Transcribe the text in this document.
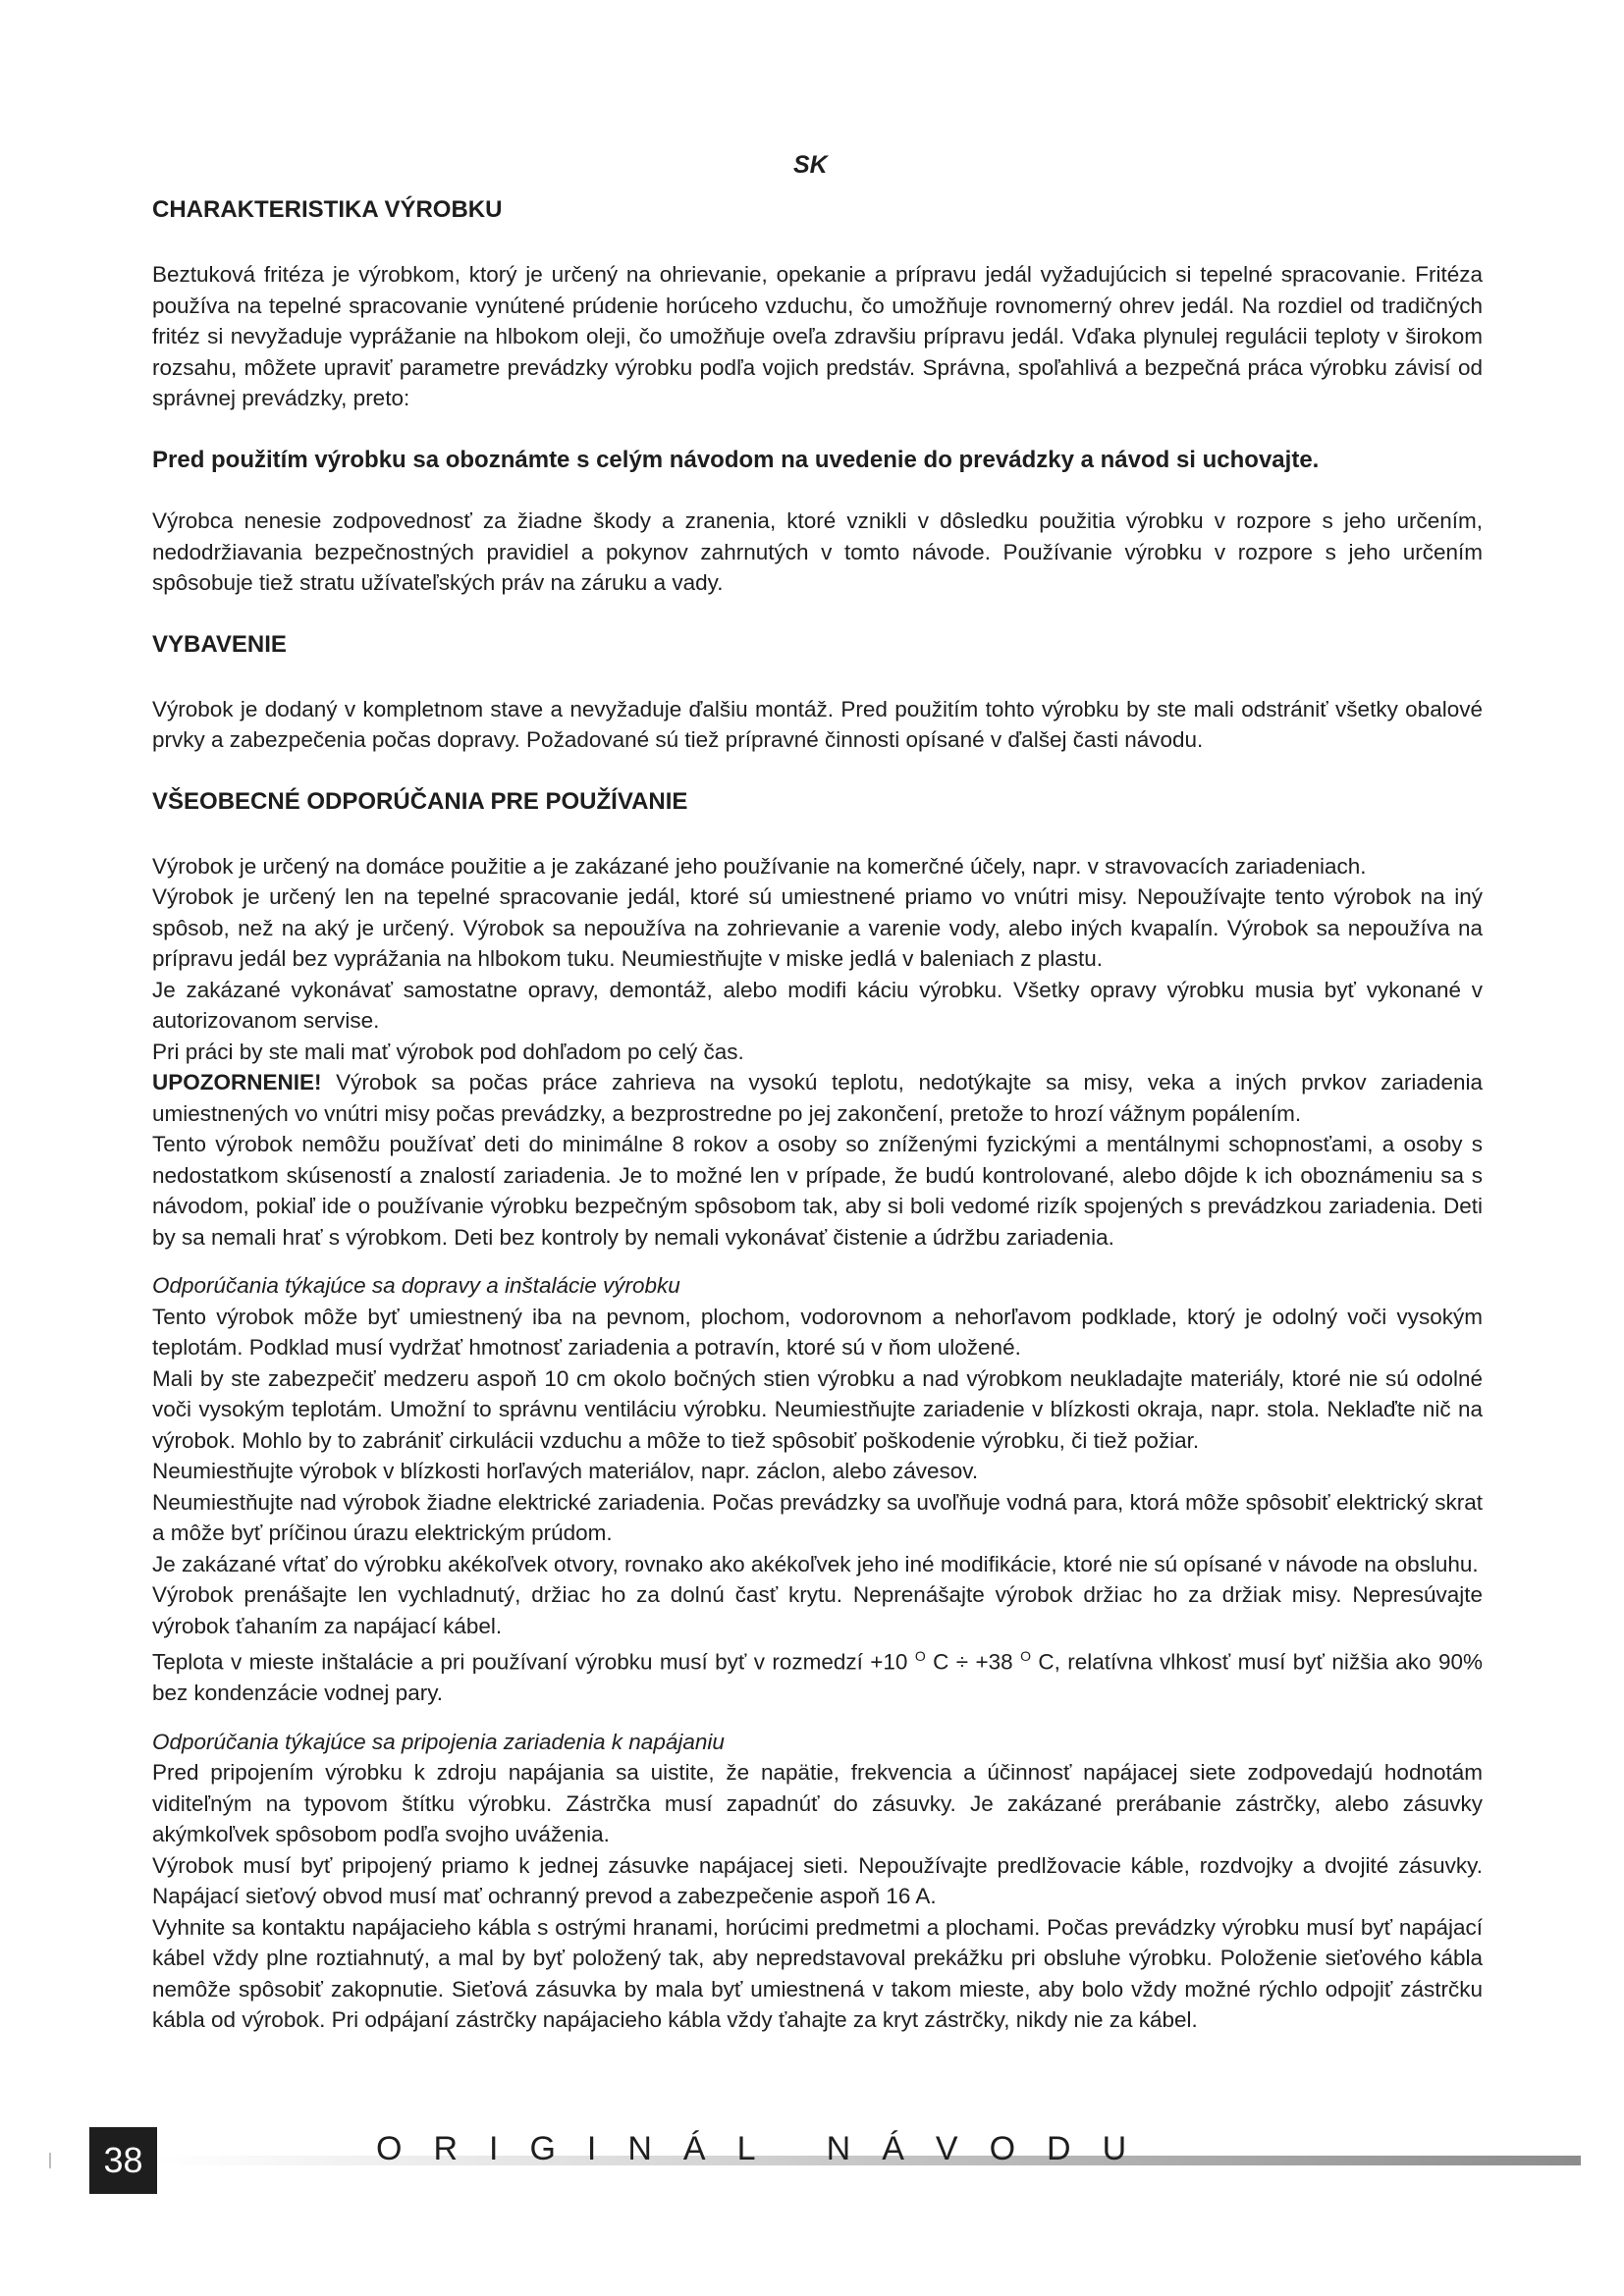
SK
CHARAKTERISTIKA VÝROBKU

Beztuková fritéza je výrobkom, ktorý je určený na ohrievanie, opekanie a prípravu jedál vyžadujúcich si tepelné spracovanie. Fritéza používa na tepelné spracovanie vynútené prúdenie horúceho vzduchu, čo umožňuje rovnomerný ohrev jedál. Na rozdiel od tradičných fritéz si nevyžaduje vyprážanie na hlbokom oleji, čo umožňuje oveľa zdravšiu prípravu jedál. Vďaka plynulej regulácii teploty v širokom rozsahu, môžete upraviť parametre prevádzky výrobku podľa vojich predstáv. Správna, spoľahlivá a bezpečná práca výrobku závisí od správnej prevádzky, preto:

Pred použitím výrobku sa oboznámte s celým návodom na uvedenie do prevádzky a návod si uchovajte.

Výrobca nenesie zodpovednosť za žiadne škody a zranenia, ktoré vznikli v dôsledku použitia výrobku v rozpore s jeho určením, nedodržiavania bezpečnostných pravidiel a pokynov zahrnutých v tomto návode. Používanie výrobku v rozpore s jeho určením spôsobuje tiež stratu užívateľských práv na záruku a vady.

VYBAVENIE

Výrobok je dodaný v kompletnom stave a nevyžaduje ďalšiu montáž. Pred použitím tohto výrobku by ste mali odstrániť všetky obalové prvky a zabezpečenia počas dopravy. Požadované sú tiež prípravné činnosti opísané v ďalšej časti návodu.

VŠEOBECNÉ ODPORÚČANIA PRE POUŽÍVANIE

Výrobok je určený na domáce použitie a je zakázané jeho používanie na komerčné účely, napr. v stravovacích zariadeniach.

Výrobok je určený len na tepelné spracovanie jedál, ktoré sú umiestnené priamo vo vnútri misy. Nepoužívajte tento výrobok na iný spôsob, než na aký je určený. Výrobok sa nepoužíva na zohrievanie a varenie vody, alebo iných kvapalín. Výrobok sa nepoužíva na prípravu jedál bez vyprážania na hlbokom tuku. Neumiestňujte v miske jedlá v baleniach z plastu.

Je zakázané vykonávať samostatne opravy, demontáž, alebo modifi káciu výrobku. Všetky opravy výrobku musia byť vykonané v autorizovanom servise.

Pri práci by ste mali mať výrobok pod dohľadom po celý čas.

UPOZORNENIE! Výrobok sa počas práce zahrieva na vysokú teplotu, nedotýkajte sa misy, veka a iných prvkov zariadenia umiestnených vo vnútri misy počas prevádzky, a bezprostredne po jej zakončení, pretože to hrozí vážnym popálením.

Tento výrobok nemôžu používať deti do minimálne 8 rokov a osoby so zníženými fyzickými a mentálnymi schopnosťami, a osoby s nedostatkom skúseností a znalostí zariadenia. Je to možné len v prípade, že budú kontrolované, alebo dôjde k ich oboznámeniu sa s návodom, pokiaľ ide o používanie výrobku bezpečným spôsobom tak, aby si boli vedomé rizík spojených s prevádzkou zariadenia. Deti by sa nemali hrať s výrobkom. Deti bez kontroly by nemali vykonávať čistenie a údržbu zariadenia.

Odporúčania týkajúce sa dopravy a inštalácie výrobku

Tento výrobok môže byť umiestnený iba na pevnom, plochom, vodorovnom a nehorľavom podklade, ktorý je odolný voči vysokým teplotám. Podklad musí vydržať hmotnosť zariadenia a potravín, ktoré sú v ňom uložené.

Mali by ste zabezpečiť medzeru aspoň 10 cm okolo bočných stien výrobku a nad výrobkom neukladajte materiály, ktoré nie sú odolné voči vysokým teplotám. Umožní to správnu ventiláciu výrobku. Neumiestňujte zariadenie v blízkosti okraja, napr. stola. Neklaďte nič na výrobok. Mohlo by to zabrániť cirkulácii vzduchu a môže to tiež spôsobiť poškodenie výrobku, či tiež požiar.

Neumiestňujte výrobok v blízkosti horľavých materiálov, napr. záclon, alebo závesov.

Neumiestňujte nad výrobok žiadne elektrické zariadenia. Počas prevádzky sa uvoľňuje vodná para, ktorá môže spôsobiť elektrický skrat a môže byť príčinou úrazu elektrickým prúdom.

Je zakázané vŕtať do výrobku akékoľvek otvory, rovnako ako akékoľvek jeho iné modifikácie, ktoré nie sú opísané v návode na obsluhu.

Výrobok prenášajte len vychladnutý, držiac ho za dolnú časť krytu. Neprenášajte výrobok držiac ho za držiak misy. Nepresúvajte výrobok ťahaním za napájací kábel.

Teplota v mieste inštalácie a pri používaní výrobku musí byť v rozmedzí +10 $^O$ C ÷ +38 $^O$ C, relatívna vlhkosť musí byť nižšia ako 90% bez kondenzácie vodnej pary.

Odporúčania týkajúce sa pripojenia zariadenia k napájaniu

Pred pripojením výrobku k zdroju napájania sa uistite, že napätie, frekvencia a účinnosť napájacej siete zodpovedajú hodnotám viditeľným na typovom štítku výrobku. Zástrčka musí zapadnúť do zásuvky. Je zakázané prerábanie zástrčky, alebo zásuvky akýmkoľvek spôsobom podľa svojho uváženia.

Výrobok musí byť pripojený priamo k jednej zásuvke napájacej sieti. Nepoužívajte predlžovacie káble, rozdvojky a dvojité zásuvky. Napájací sieťový obvod musí mať ochranný prevod a zabezpečenie aspoň 16 A.

Vyhnite sa kontaktu napájacieho kábla s ostrými hranami, horúcimi predmetmi a plochami. Počas prevádzky výrobku musí byť napájací kábel vždy plne roztiahnutý, a mal by byť položený tak, aby nepredstavoval prekážku pri obsluhe výrobku. Položenie sieťového kábla nemôže spôsobiť zakopnutie. Sieťová zásuvka by mala byť umiestnená v takom mieste, aby bolo vždy možné rýchlo odpojiť zástrčku kábla od výrobok. Pri odpájaní zástrčky napájacieho kábla vždy ťahajte za kryt zástrčky, nikdy nie za kábel.

38	ORIGINÁL NÁVODU
